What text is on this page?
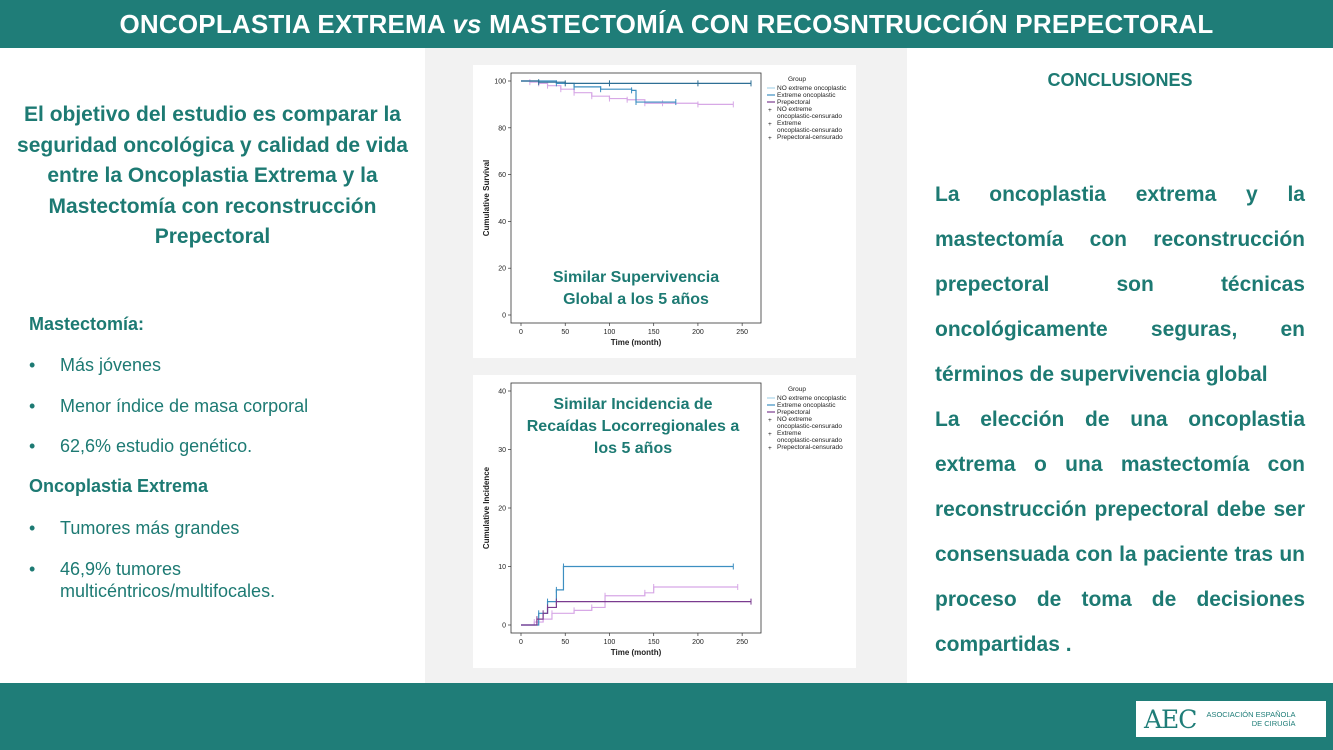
ONCOPLASTIA EXTREMA vs MASTECTOMÍA CON RECOSNTRUCCIÓN PREPECTORAL
El objetivo del estudio es comparar la seguridad oncológica y calidad de vida entre la Oncoplastia Extrema y la Mastectomía con reconstrucción Prepectoral
Mastectomía:
• Más jóvenes
• Menor índice de masa corporal
• 62,6% estudio genético.
Oncoplastia Extrema
• Tumores más grandes
• 46,9% tumores multicéntricos/multifocales.
0
20
40
60
80
100
0	50	100	150	200	250
Time (month)
Cumulative Survival
Group
NO extreme oncoplastic
Extreme oncoplastic
Prepectoral
+ NO extreme
oncoplastic-censurado
+ Extreme
oncoplastic-censurado
+ Prepectoral-censurado
Similar Supervivencia
Global a los 5 años
0
10
20
30
40
0	50	100	150	200	250
Time (month)
Cumulative Incidence
Group
NO extreme oncoplastic
Extreme oncoplastic
Prepectoral
+ NO extreme
oncoplastic-censurado
+ Extreme
oncoplastic-censurado
+ Prepectoral-censurado
Similar Incidencia de
Recaídas Locorregionales a
los 5 años
CONCLUSIONES

La oncoplastia extrema y la mastectomía con reconstrucción prepectoral son técnicas oncológicamente seguras, en términos de supervivencia global

La elección de una oncoplastia extrema o una mastectomía con reconstrucción prepectoral debe ser consensuada con la paciente tras un proceso de toma de decisiones compartidas .

AEC ASOCIACIÓN ESPAÑOLA
DE CIRUGÍA
